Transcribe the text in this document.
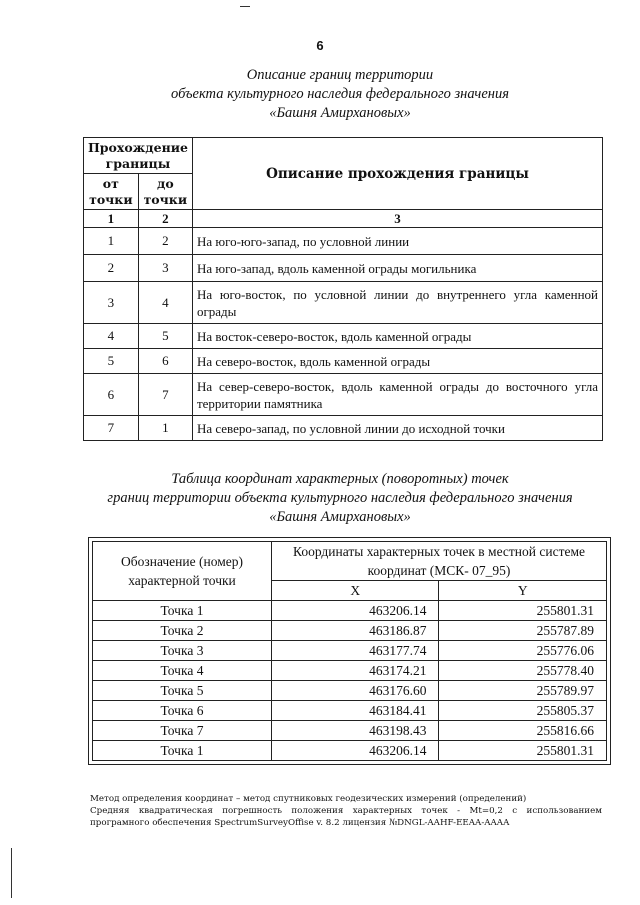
6
Описание границ территории
объекта культурного наследия федерального значения
«Башня Амирхановых»
Прохождение границы		Описание прохождения границы
от точки	до точки	
1	2	3
1	2	На юго-юго-запад, по условной линии
2	3	На юго-запад, вдоль каменной ограды могильника
3	4	На юго-восток, по условной линии до внутреннего угла каменной ограды
4	5	На восток-северо-восток, вдоль каменной ограды
5	6	На северо-восток, вдоль каменной ограды
6	7	На север-северо-восток, вдоль каменной ограды до восточного угла территории памятника
7	1	На северо-запад, по условной линии до исходной точки
Таблица координат характерных (поворотных) точек
границ территории объекта культурного наследия федерального значения
«Башня Амирхановых»
Обозначение (номер) характерной точки	Координаты характерных точек в местной системе координат (МСК- 07_95)	
	X	Y
Точка 1	463206.14	255801.31
Точка 2	463186.87	255787.89
Точка 3	463177.74	255776.06
Точка 4	463174.21	255778.40
Точка 5	463176.60	255789.97
Точка 6	463184.41	255805.37
Точка 7	463198.43	255816.66
Точка 1	463206.14	255801.31
Метод определения координат – метод спутниковых геодезических измерений (определений)
Средняя квадратическая погрешность положения характерных точек - Mt=0,2 с использованием програмного обеспечения SpectrumSurveyOffise v. 8.2 лицензия №DNGL-AAHF-EEAA-AAAA
